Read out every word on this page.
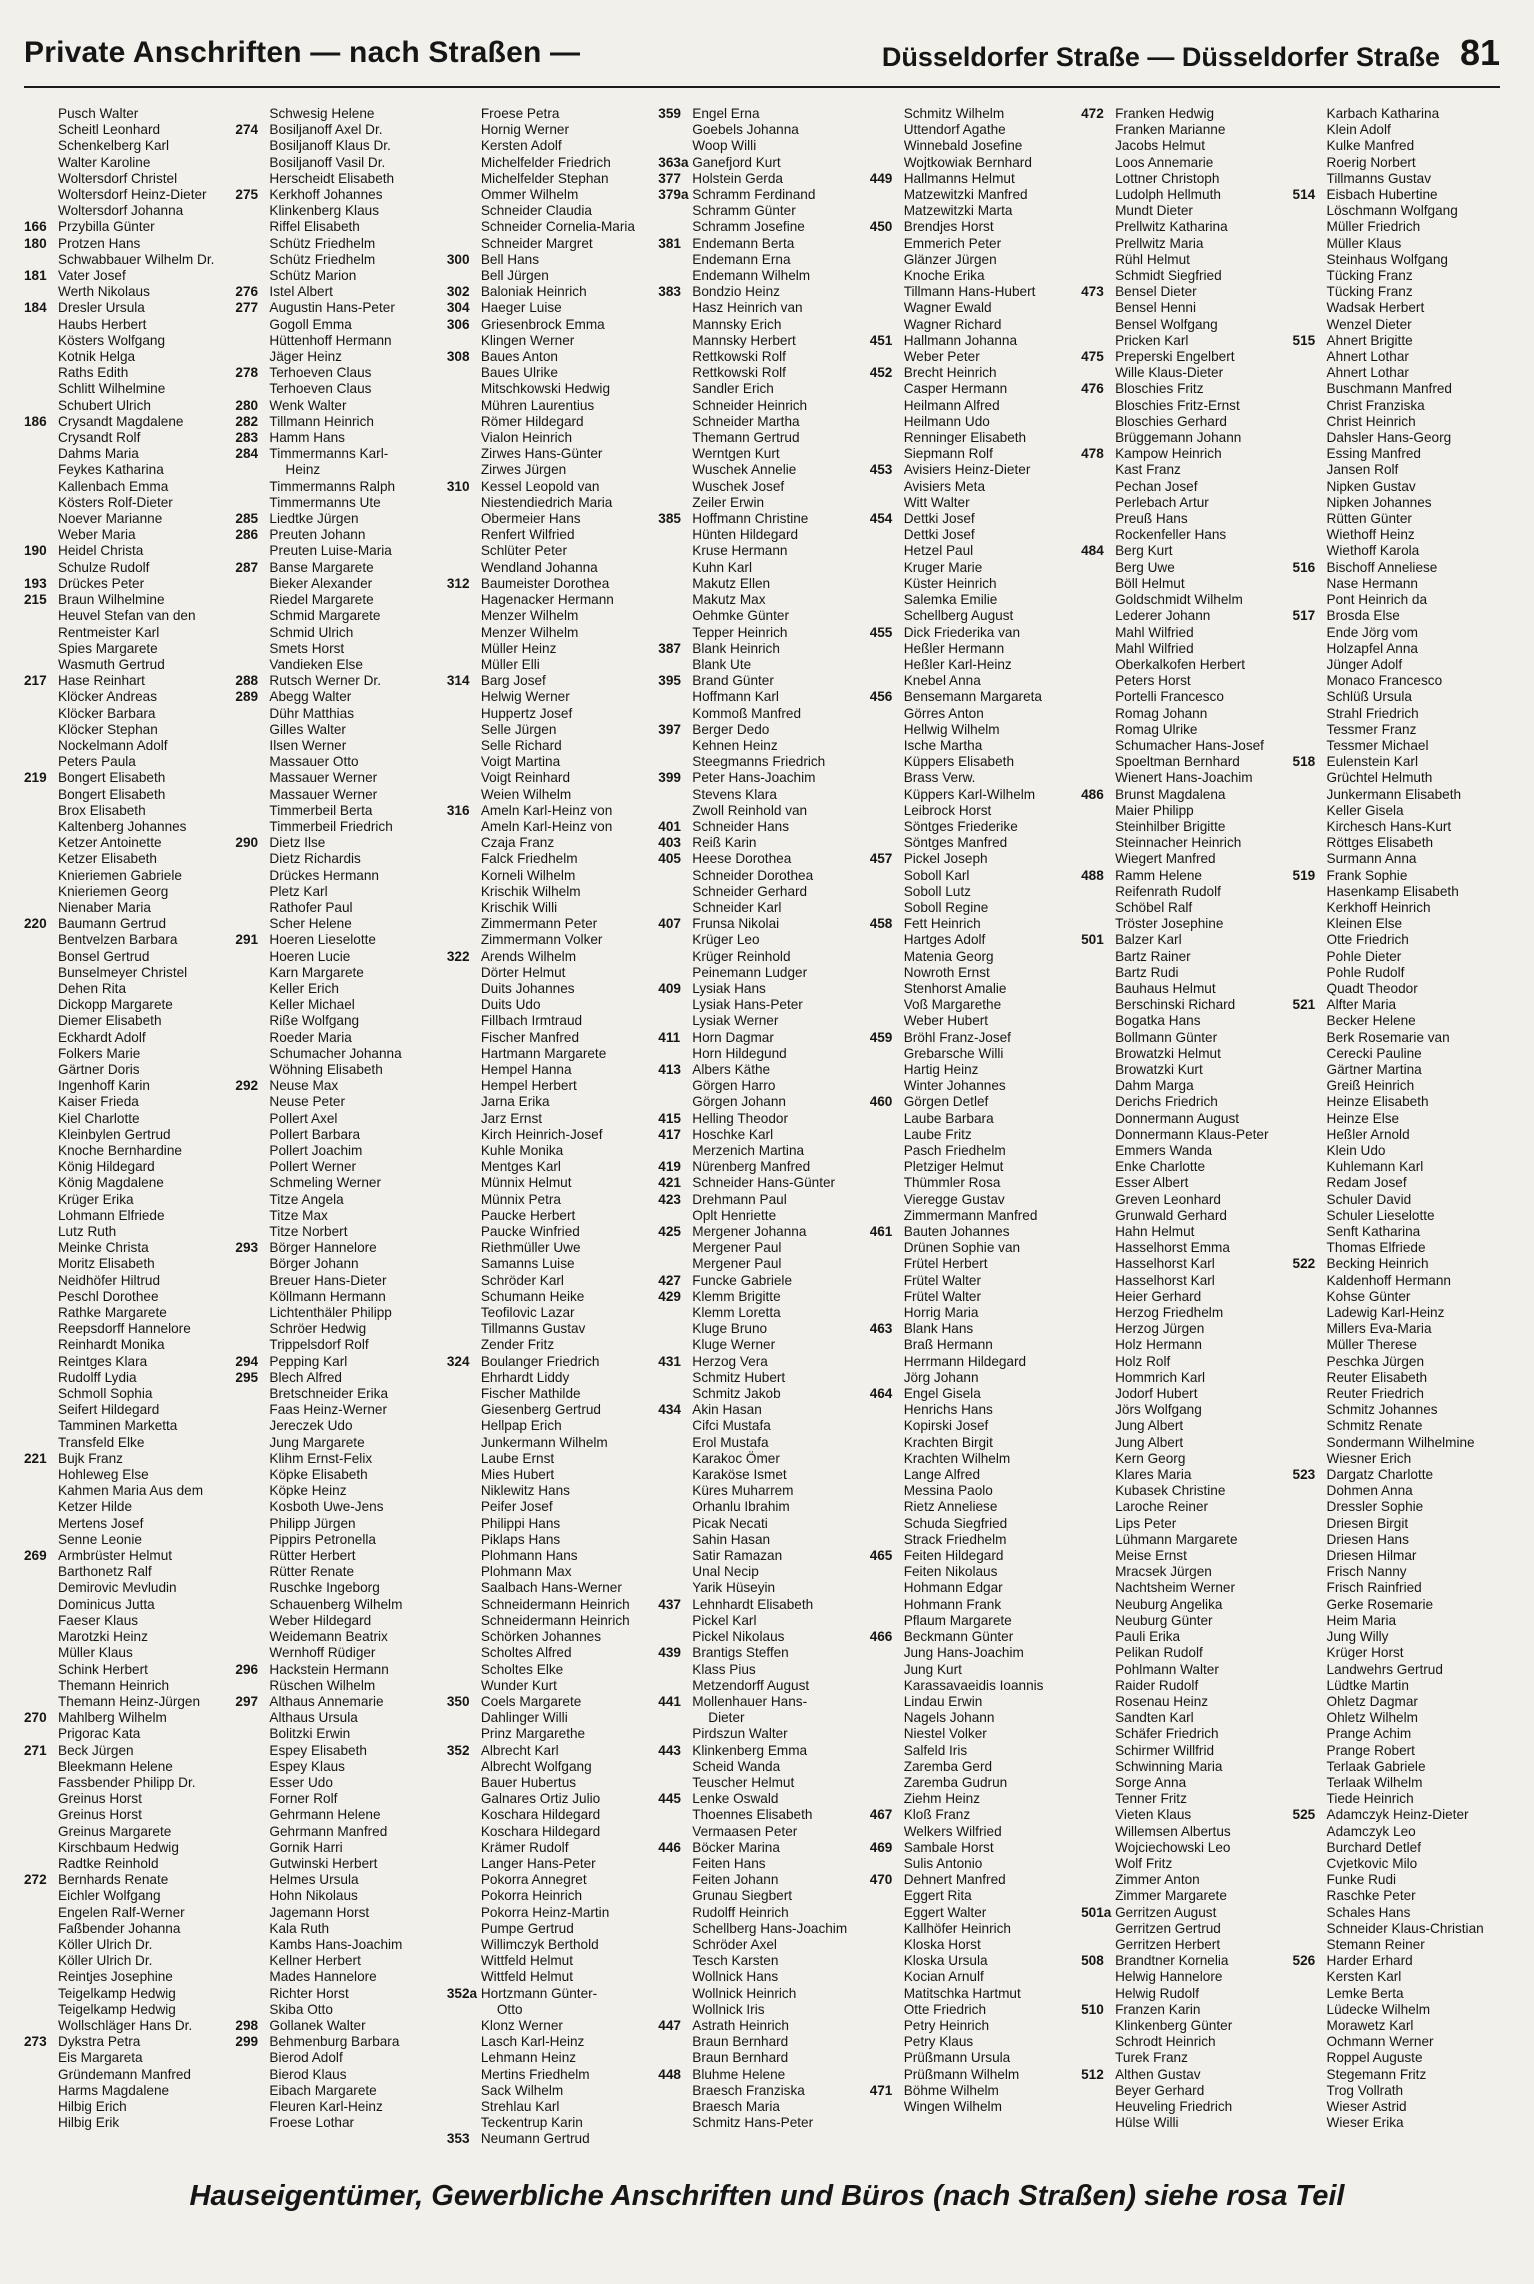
Private Anschriften — nach Straßen —	Düsseldorfer Straße — Düsseldorfer Straße 81
Pusch Walter
Scheitl Leonhard
Schenkelberg Karl
Walter Karoline
Woltersdorf Christel
Woltersdorf Heinz-Dieter
Woltersdorf Johanna
166 Przybilla Günter
180 Protzen Hans
Schwabbauer Wilhelm Dr.
181 Vater Josef
Werth Nikolaus
184 Dresler Ursula
Haubs Herbert
Kösters Wolfgang
Kotnik Helga
Raths Edith
Schlitt Wilhelmine
Schubert Ulrich
186 Crysandt Magdalene
Crysandt Rolf
Dahms Maria
Feykes Katharina
Kallenbach Emma
Kösters Rolf-Dieter
Noever Marianne
Weber Maria
190 Heidel Christa
Schulze Rudolf
193 Drückes Peter
215 Braun Wilhelmine
Heuvel Stefan van den
Rentmeister Karl
Spies Margarete
Wasmuth Gertrud
217 Hase Reinhart
Klöcker Andreas
Klöcker Barbara
Klöcker Stephan
Nockelmann Adolf
Peters Paula
219 Bongert Elisabeth
Bongert Elisabeth
Brox Elisabeth
Kaltenberg Johannes
Ketzer Antoinette
Ketzer Elisabeth
Knieriemen Gabriele
Knieriemen Georg
Nienaber Maria
220 Baumann Gertrud
Bentvelzen Barbara
Bonsel Gertrud
Bunselmeyer Christel
Dehen Rita
Dickopp Margarete
Diemer Elisabeth
Eckhardt Adolf
Folkers Marie
Gärtner Doris
Ingenhoff Karin
Kaiser Frieda
Kiel Charlotte
Kleinbylen Gertrud
Knoche Bernhardine
König Hildegard
König Magdalene
Krüger Erika
Lohmann Elfriede
Lutz Ruth
Meinke Christa
Moritz Elisabeth
Neidhöfer Hiltrud
Peschl Dorothee
Rathke Margarete
Reepsdorff Hannelore
Reinhardt Monika
Reintges Klara
Rudolff Lydia
Schmoll Sophia
Seifert Hildegard
Tamminen Marketta
Transfeld Elke
221 Bujk Franz
Hohleweg Else
Kahmen Maria Aus dem
Ketzer Hilde
Mertens Josef
Senne Leonie
269 Armbrüster Helmut
Barthonetz Ralf
Demirovic Mevludin
Dominicus Jutta
Faeser Klaus
Marotzki Heinz
Müller Klaus
Schink Herbert
Themann Heinrich
Themann Heinz-Jürgen
270 Mahlberg Wilhelm
Prigorac Kata
271 Beck Jürgen
Bleekmann Helene
Fassbender Philipp Dr.
Greinus Horst
Greinus Horst
Greinus Margarete
Kirschbaum Hedwig
Radtke Reinhold
272 Bernhards Renate
Eichler Wolfgang
Engelen Ralf-Werner
Faßbender Johanna
Köller Ulrich Dr.
Köller Ulrich Dr.
Reintjes Josephine
Teigelkamp Hedwig
Teigelkamp Hedwig
Wollschläger Hans Dr.
273 Dykstra Petra
Eis Margareta
Gründemann Manfred
Harms Magdalene
Hilbig Erich
Hilbig Erik
Schwesig Helene
274 Bosiljanoff Axel Dr.
Bosiljanoff Klaus Dr.
Bosiljanoff Vasil Dr.
Herscheidt Elisabeth
275 Kerkhoff Johannes
Klinkenberg Klaus
Riffel Elisabeth
Schütz Friedhelm
Schütz Friedhelm
Schütz Marion
276 Istel Albert
277 Augustin Hans-Peter
Gogoll Emma
Hüttenhoff Hermann
Jäger Heinz
278 Terhoeven Claus
Terhoeven Claus
280 Wenk Walter
282 Tillmann Heinrich
283 Hamm Hans
284 Timmermanns Karl-
Heinz
Timmermanns Ralph
Timmermanns Ute
285 Liedtke Jürgen
286 Preuten Johann
Preuten Luise-Maria
287 Banse Margarete
Bieker Alexander
Riedel Margarete
Schmid Margarete
Schmid Ulrich
Smets Horst
Vandieken Else
288 Rutsch Werner Dr.
289 Abegg Walter
Dühr Matthias
Gilles Walter
Ilsen Werner
Massauer Otto
Massauer Werner
Massauer Werner
Timmerbeil Berta
Timmerbeil Friedrich
290 Dietz Ilse
Dietz Richardis
Drückes Hermann
Pletz Karl
Rathofer Paul
Scher Helene
291 Hoeren Lieselotte
Hoeren Lucie
Karn Margarete
Keller Erich
Keller Michael
Riße Wolfgang
Roeder Maria
Schumacher Johanna
Wöhning Elisabeth
292 Neuse Max
Neuse Peter
Pollert Axel
Pollert Barbara
Pollert Joachim
Pollert Werner
Schmeling Werner
Titze Angela
Titze Max
Titze Norbert
293 Börger Hannelore
Börger Johann
Breuer Hans-Dieter
Köllmann Hermann
Lichtenthäler Philipp
Schröer Hedwig
Trippelsdorf Rolf
294 Pepping Karl
295 Blech Alfred
Bretschneider Erika
Faas Heinz-Werner
Jereczek Udo
Jung Margarete
Klihm Ernst-Felix
Köpke Elisabeth
Köpke Heinz
Kosboth Uwe-Jens
Philipp Jürgen
Pippirs Petronella
Rütter Herbert
Rütter Renate
Ruschke Ingeborg
Schauenberg Wilhelm
Weber Hildegard
Weidemann Beatrix
Wernhoff Rüdiger
296 Hackstein Hermann
Rüschen Wilhelm
297 Althaus Annemarie
Althaus Ursula
Bolitzki Erwin
Espey Elisabeth
Espey Klaus
Esser Udo
Forner Rolf
Gehrmann Helene
Gehrmann Manfred
Gornik Harri
Gutwinski Herbert
Helmes Ursula
Hohn Nikolaus
Jagemann Horst
Kala Ruth
Kambs Hans-Joachim
Kellner Herbert
Mades Hannelore
Richter Horst
Skiba Otto
298 Gollanek Walter
299 Behmenburg Barbara
Bierod Adolf
Bierod Klaus
Eibach Margarete
Fleuren Karl-Heinz
Froese Lothar
Froese Petra
Hornig Werner
Kersten Adolf
Michelfelder Friedrich
Michelfelder Stephan
Ommer Wilhelm
Schneider Claudia
Schneider Cornelia-Maria
Schneider Margret
300 Bell Hans
Bell Jürgen
302 Baloniak Heinrich
304 Haeger Luise
306 Griesenbrock Emma
Klingen Werner
308 Baues Anton
Baues Ulrike
Mitschkowski Hedwig
Mühren Laurentius
Römer Hildegard
Vialon Heinrich
Zirwes Hans-Günter
Zirwes Jürgen
310 Kessel Leopold van
Niestendiedrich Maria
Obermeier Hans
Renfert Wilfried
Schlüter Peter
Wendland Johanna
312 Baumeister Dorothea
Hagenacker Hermann
Menzer Wilhelm
Menzer Wilhelm
Müller Heinz
Müller Elli
314 Barg Josef
Helwig Werner
Huppertz Josef
Selle Jürgen
Selle Richard
Voigt Martina
Voigt Reinhard
Weien Wilhelm
316 Ameln Karl-Heinz von
Ameln Karl-Heinz von
Czaja Franz
Falck Friedhelm
Korneli Wilhelm
Krischik Wilhelm
Krischik Willi
Zimmermann Peter
Zimmermann Volker
322 Arends Wilhelm
Dörter Helmut
Duits Johannes
Duits Udo
Fillbach Irmtraud
Fischer Manfred
Hartmann Margarete
Hempel Hanna
Hempel Herbert
Jarna Erika
Jarz Ernst
Kirch Heinrich-Josef
Kuhle Monika
Mentges Karl
Münnix Helmut
Münnix Petra
Paucke Herbert
Paucke Winfried
Riethmüller Uwe
Samanns Luise
Schröder Karl
Schumann Heike
Teofilovic Lazar
Tillmanns Gustav
Zender Fritz
324 Boulanger Friedrich
Ehrhardt Liddy
Fischer Mathilde
Giesenberg Gertrud
Hellpap Erich
Junkermann Wilhelm
Laube Ernst
Mies Hubert
Niklewitz Hans
Peifer Josef
Philippi Hans
Piklaps Hans
Plohmann Hans
Plohmann Max
Saalbach Hans-Werner
Schneidermann Heinrich
Schneidermann Heinrich
Schörken Johannes
Scholtes Alfred
Scholtes Elke
Wunder Kurt
350 Coels Margarete
Dahlinger Willi
Prinz Margarethe
352 Albrecht Karl
Albrecht Wolfgang
Bauer Hubertus
Galnares Ortiz Julio
Koschara Hildegard
Koschara Hildegard
Krämer Rudolf
Langer Hans-Peter
Pokorra Annegret
Pokorra Heinrich
Pokorra Heinz-Martin
Pumpe Gertrud
Willimczyk Berthold
Wittfeld Helmut
Wittfeld Helmut
352a Hortzmann Günter-
Otto
Klonz Werner
Lasch Karl-Heinz
Lehmann Heinz
Mertins Friedhelm
Sack Wilhelm
Strehlau Karl
Teckentrup Karin
353 Neumann Gertrud
359 Engel Erna
Goebels Johanna
Woop Willi
363a Ganefjord Kurt
377 Holstein Gerda
379a Schramm Ferdinand
Schramm Günter
Schramm Josefine
381 Endemann Berta
Endemann Erna
Endemann Wilhelm
383 Bondzio Heinz
Hasz Heinrich van
Mannsky Erich
Mannsky Herbert
Rettkowski Rolf
Rettkowski Rolf
Sandler Erich
Schneider Heinrich
Schneider Martha
Themann Gertrud
Werntgen Kurt
Wuschek Annelie
Wuschek Josef
Zeiler Erwin
385 Hoffmann Christine
Hünten Hildegard
Kruse Hermann
Kuhn Karl
Makutz Ellen
Makutz Max
Oehmke Günter
Tepper Heinrich
387 Blank Heinrich
Blank Ute
395 Brand Günter
Hoffmann Karl
Kommoß Manfred
397 Berger Dedo
Kehnen Heinz
Steegmanns Friedrich
399 Peter Hans-Joachim
Stevens Klara
Zwoll Reinhold van
401 Schneider Hans
403 Reiß Karin
405 Heese Dorothea
Schneider Dorothea
Schneider Gerhard
Schneider Karl
407 Frunsa Nikolai
Krüger Leo
Krüger Reinhold
Peinemann Ludger
409 Lysiak Hans
Lysiak Hans-Peter
Lysiak Werner
411 Horn Dagmar
Horn Hildegund
413 Albers Käthe
Görgen Harro
Görgen Johann
415 Helling Theodor
417 Hoschke Karl
Merzenich Martina
419 Nürenberg Manfred
421 Schneider Hans-Günter
423 Drehmann Paul
Oplt Henriette
425 Mergener Johanna
Mergener Paul
Mergener Paul
427 Funcke Gabriele
429 Klemm Brigitte
Klemm Loretta
Kluge Bruno
Kluge Werner
431 Herzog Vera
Schmitz Hubert
Schmitz Jakob
434 Akin Hasan
Cifci Mustafa
Erol Mustafa
Karakoc Ömer
Karaköse Ismet
Küres Muharrem
Orhanlu Ibrahim
Picak Necati
Sahin Hasan
Satir Ramazan
Unal Necip
Yarik Hüseyin
437 Lehnhardt Elisabeth
Pickel Karl
Pickel Nikolaus
439 Brantigs Steffen
Klass Pius
Metzendorff August
441 Mollenhauer Hans-
Dieter
Pirdszun Walter
443 Klinkenberg Emma
Scheid Wanda
Teuscher Helmut
445 Lenke Oswald
Thoennes Elisabeth
Vermaasen Peter
446 Böcker Marina
Feiten Hans
Feiten Johann
Grunau Siegbert
Rudolff Heinrich
Schellberg Hans-Joachim
Schröder Axel
Tesch Karsten
Wollnick Hans
Wollnick Heinrich
Wollnick Iris
447 Astrath Heinrich
Braun Bernhard
Braun Bernhard
448 Bluhme Helene
Braesch Franziska
Braesch Maria
Schmitz Hans-Peter
Schmitz Wilhelm
Uttendorf Agathe
Winnebald Josefine
Wojtkowiak Bernhard
449 Hallmanns Helmut
Matzewitzki Manfred
Matzewitzki Marta
450 Brendjes Horst
Emmerich Peter
Glänzer Jürgen
Knoche Erika
Tillmann Hans-Hubert
Wagner Ewald
Wagner Richard
451 Hallmann Johanna
Weber Peter
452 Brecht Heinrich
Casper Hermann
Heilmann Alfred
Heilmann Udo
Renninger Elisabeth
Siepmann Rolf
453 Avisiers Heinz-Dieter
Avisiers Meta
Witt Walter
454 Dettki Josef
Dettki Josef
Hetzel Paul
Kruger Marie
Küster Heinrich
Salemka Emilie
Schellberg August
455 Dick Friederika van
Heßler Hermann
Heßler Karl-Heinz
Knebel Anna
456 Bensemann Margareta
Görres Anton
Hellwig Wilhelm
Ische Martha
Küppers Elisabeth
Brass Verw.
Küppers Karl-Wilhelm
Leibrock Horst
Söntges Friederike
Söntges Manfred
457 Pickel Joseph
Soboll Karl
Soboll Lutz
Soboll Regine
458 Fett Heinrich
Hartges Adolf
Matenia Georg
Nowroth Ernst
Stenhorst Amalie
Voß Margarethe
Weber Hubert
459 Bröhl Franz-Josef
Grebarsche Willi
Hartig Heinz
Winter Johannes
460 Görgen Detlef
Laube Barbara
Laube Fritz
Pasch Friedhelm
Pletziger Helmut
Thümmler Rosa
Vieregge Gustav
Zimmermann Manfred
461 Bauten Johannes
Drünen Sophie van
Frütel Herbert
Frütel Walter
Frütel Walter
Horrig Maria
463 Blank Hans
Braß Hermann
Herrmann Hildegard
Jörg Johann
464 Engel Gisela
Henrichs Hans
Kopirski Josef
Krachten Birgit
Krachten Wilhelm
Lange Alfred
Messina Paolo
Rietz Anneliese
Schuda Siegfried
Strack Friedhelm
465 Feiten Hildegard
Feiten Nikolaus
Hohmann Edgar
Hohmann Frank
Pflaum Margarete
466 Beckmann Günter
Jung Hans-Joachim
Jung Kurt
Karassavaeidis Ioannis
Lindau Erwin
Nagels Johann
Niestel Volker
Salfeld Iris
Zaremba Gerd
Zaremba Gudrun
Ziehm Heinz
467 Kloß Franz
Welkers Wilfried
469 Sambale Horst
Sulis Antonio
470 Dehnert Manfred
Eggert Rita
Eggert Walter
Kallhöfer Heinrich
Kloska Horst
Kloska Ursula
Kocian Arnulf
Matitschka Hartmut
Otte Friedrich
Petry Heinrich
Petry Klaus
Prüßmann Ursula
Prüßmann Wilhelm
471 Böhme Wilhelm
Wingen Wilhelm
472 Franken Hedwig
Franken Marianne
Jacobs Helmut
Loos Annemarie
Lottner Christoph
Ludolph Hellmuth
Mundt Dieter
Prellwitz Katharina
Prellwitz Maria
Rühl Helmut
Schmidt Siegfried
473 Bensel Dieter
Bensel Henni
Bensel Wolfgang
Pricken Karl
475 Preperski Engelbert
Wille Klaus-Dieter
476 Bloschies Fritz
Bloschies Fritz-Ernst
Bloschies Gerhard
Brüggemann Johann
478 Kampow Heinrich
Kast Franz
Pechan Josef
Perlebach Artur
Preuß Hans
Rockenfeller Hans
484 Berg Kurt
Berg Uwe
Böll Helmut
Goldschmidt Wilhelm
Lederer Johann
Mahl Wilfried
Mahl Wilfried
Oberkalkofen Herbert
Peters Horst
Portelli Francesco
Romag Johann
Romag Ulrike
Schumacher Hans-Josef
Spoeltman Bernhard
Wienert Hans-Joachim
486 Brunst Magdalena
Maier Philipp
Steinhilber Brigitte
Steinnacher Heinrich
Wiegert Manfred
488 Ramm Helene
Reifenrath Rudolf
Schöbel Ralf
Tröster Josephine
501 Balzer Karl
Bartz Rainer
Bartz Rudi
Bauhaus Helmut
Berschinski Richard
Bogatka Hans
Bollmann Günter
Browatzki Helmut
Browatzki Kurt
Dahm Marga
Derichs Friedrich
Donnermann August
Donnermann Klaus-Peter
Emmers Wanda
Enke Charlotte
Esser Albert
Greven Leonhard
Grunwald Gerhard
Hahn Helmut
Hasselhorst Emma
Hasselhorst Karl
Hasselhorst Karl
Heier Gerhard
Herzog Friedhelm
Herzog Jürgen
Holz Hermann
Holz Rolf
Hommrich Karl
Jodorf Hubert
Jörs Wolfgang
Jung Albert
Jung Albert
Kern Georg
Klares Maria
Kubasek Christine
Laroche Reiner
Lips Peter
Lühmann Margarete
Meise Ernst
Mracsek Jürgen
Nachtsheim Werner
Neuburg Angelika
Neuburg Günter
Pauli Erika
Pelikan Rudolf
Pohlmann Walter
Raider Rudolf
Rosenau Heinz
Sandten Karl
Schäfer Friedrich
Schirmer Willfrid
Schwinning Maria
Sorge Anna
Tenner Fritz
Vieten Klaus
Willemsen Albertus
Wojciechowski Leo
Wolf Fritz
Zimmer Anton
Zimmer Margarete
501a Gerritzen August
Gerritzen Gertrud
Gerritzen Herbert
508 Brandtner Kornelia
Helwig Hannelore
Helwig Rudolf
510 Franzen Karin
Klinkenberg Günter
Schrodt Heinrich
Turek Franz
512 Althen Gustav
Beyer Gerhard
Heuveling Friedrich
Hülse Willi
Karbach Katharina
Klein Adolf
Kulke Manfred
Roerig Norbert
Tillmanns Gustav
514 Eisbach Hubertine
Löschmann Wolfgang
Müller Friedrich
Müller Klaus
Steinhaus Wolfgang
Tücking Franz
Tücking Franz
Wadsak Herbert
Wenzel Dieter
515 Ahnert Brigitte
Ahnert Lothar
Ahnert Lothar
Buschmann Manfred
Christ Franziska
Christ Heinrich
Dahsler Hans-Georg
Essing Manfred
Jansen Rolf
Nipken Gustav
Nipken Johannes
Rütten Günter
Wiethoff Heinz
Wiethoff Karola
516 Bischoff Anneliese
Nase Hermann
Pont Heinrich da
517 Brosda Else
Ende Jörg vom
Holzapfel Anna
Jünger Adolf
Monaco Francesco
Schlüß Ursula
Strahl Friedrich
Tessmer Franz
Tessmer Michael
518 Eulenstein Karl
Grüchtel Helmuth
Junkermann Elisabeth
Keller Gisela
Kirchesch Hans-Kurt
Röttges Elisabeth
Surmann Anna
519 Frank Sophie
Hasenkamp Elisabeth
Kerkhoff Heinrich
Kleinen Else
Otte Friedrich
Pohle Dieter
Pohle Rudolf
Quadt Theodor
521 Alfter Maria
Becker Helene
Berk Rosemarie van
Cerecki Pauline
Gärtner Martina
Greiß Heinrich
Heinze Elisabeth
Heinze Else
Heßler Arnold
Klein Udo
Kuhlemann Karl
Redam Josef
Schuler David
Schuler Lieselotte
Senft Katharina
Thomas Elfriede
522 Becking Heinrich
Kaldenhoff Hermann
Kohse Günter
Ladewig Karl-Heinz
Millers Eva-Maria
Müller Therese
Peschka Jürgen
Reuter Elisabeth
Reuter Friedrich
Schmitz Johannes
Schmitz Renate
Sondermann Wilhelmine
Wiesner Erich
523 Dargatz Charlotte
Dohmen Anna
Dressler Sophie
Driesen Birgit
Driesen Hans
Driesen Hilmar
Frisch Nanny
Frisch Rainfried
Gerke Rosemarie
Heim Maria
Jung Willy
Krüger Horst
Landwehrs Gertrud
Lüdtke Martin
Ohletz Dagmar
Ohletz Wilhelm
Prange Achim
Prange Robert
Terlaak Gabriele
Terlaak Wilhelm
Tiede Heinrich
525 Adamczyk Heinz-Dieter
Adamczyk Leo
Burchard Detlef
Cvjetkovic Milo
Funke Rudi
Raschke Peter
Schales Hans
Schneider Klaus-Christian
Stemann Reiner
526 Harder Erhard
Kersten Karl
Lemke Berta
Lüdecke Wilhelm
Morawetz Karl
Ochmann Werner
Roppel Auguste
Stegemann Fritz
Trog Vollrath
Wieser Astrid
Wieser Erika
Hauseigentümer, Gewerbliche Anschriften und Büros (nach Straßen) siehe rosa Teil
